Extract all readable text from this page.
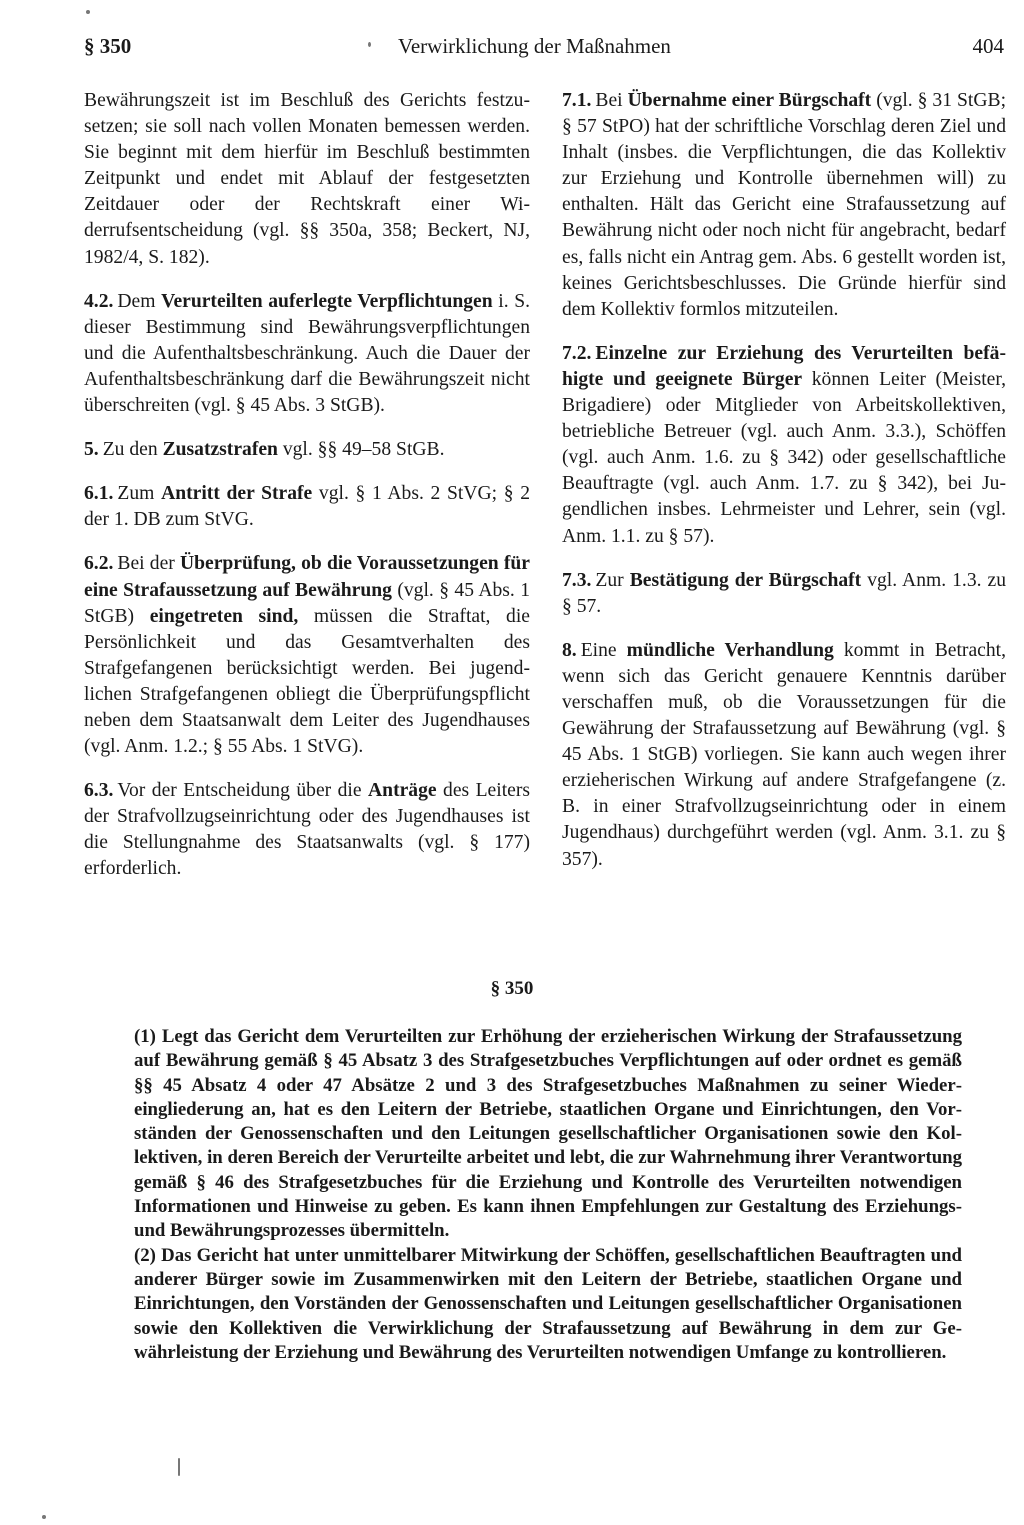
§ 350	Verwirklichung der Maßnahmen	404

Bewährungszeit ist im Beschluß des Gerichts festzusetzen; sie soll nach vollen Monaten bemessen werden. Sie beginnt mit dem hierfür im Beschluß bestimmten Zeitpunkt und endet mit Ablauf der festgesetzten Zeitdauer oder der Rechtskraft einer Widerrufsentscheidung (vgl. §§ 350a, 358; Beckert, NJ, 1982/4, S. 182).

4.2. Dem Verurteilten auferlegte Verpflichtungen i. S. dieser Bestimmung sind Bewährungsverpflichtungen und die Aufenthaltsbeschränkung. Auch die Dauer der Aufenthaltsbeschränkung darf die Bewährungszeit nicht überschreiten (vgl. § 45 Abs. 3 StGB).

5. Zu den Zusatzstrafen vgl. §§ 49–58 StGB.

6.1. Zum Antritt der Strafe vgl. § 1 Abs. 2 StVG; § 2 der 1. DB zum StVG.

6.2. Bei der Überprüfung, ob die Voraussetzungen für eine Strafaussetzung auf Bewährung (vgl. § 45 Abs. 1 StGB) eingetreten sind, müssen die Straftat, die Persönlichkeit und das Gesamtverhalten des Strafgefangenen berücksichtigt werden. Bei jugendlichen Strafgefangenen obliegt die Überprüfungspflicht neben dem Staatsanwalt dem Leiter des Jugendhauses (vgl. Anm. 1.2.; § 55 Abs. 1 StVG).

6.3. Vor der Entscheidung über die Anträge des Leiters der Strafvollzugseinrichtung oder des Jugendhauses ist die Stellungnahme des Staatsanwalts (vgl. § 177) erforderlich.

7.1. Bei Übernahme einer Bürgschaft (vgl. § 31 StGB; § 57 StPO) hat der schriftliche Vorschlag deren Ziel und Inhalt (insbes. die Verpflichtungen, die das Kollektiv zur Erziehung und Kontrolle übernehmen will) zu enthalten. Hält das Gericht eine Strafaussetzung auf Bewährung nicht oder noch nicht für angebracht, bedarf es, falls nicht ein Antrag gem. Abs. 6 gestellt worden ist, keines Gerichtsbeschlusses. Die Gründe hierfür sind dem Kollektiv formlos mitzuteilen.

7.2. Einzelne zur Erziehung des Verurteilten befähigte und geeignete Bürger können Leiter (Meister, Brigadiere) oder Mitglieder von Arbeitskollektiven, betriebliche Betreuer (vgl. auch Anm. 3.3.), Schöffen (vgl. auch Anm. 1.6. zu § 342) oder gesellschaftliche Beauftragte (vgl. auch Anm. 1.7. zu § 342), bei Jugendlichen insbes. Lehrmeister und Lehrer, sein (vgl. Anm. 1.1. zu § 57).

7.3. Zur Bestätigung der Bürgschaft vgl. Anm. 1.3. zu § 57.

8. Eine mündliche Verhandlung kommt in Betracht, wenn sich das Gericht genauere Kenntnis darüber verschaffen muß, ob die Voraussetzungen für die Gewährung der Strafaussetzung auf Bewährung (vgl. § 45 Abs. 1 StGB) vorliegen. Sie kann auch wegen ihrer erzieherischen Wirkung auf andere Strafgefangene (z. B. in einer Strafvollzugseinrichtung oder in einem Jugendhaus) durchgeführt werden (vgl. Anm. 3.1. zu § 357).

§ 350

(1) Legt das Gericht dem Verurteilten zur Erhöhung der erzieherischen Wirkung der Strafaussetzung auf Bewährung gemäß § 45 Absatz 3 des Strafgesetzbuches Verpflichtungen auf oder ordnet es gemäß §§ 45 Absatz 4 oder 47 Absätze 2 und 3 des Strafgesetzbuches Maßnahmen zu seiner Wiedereingliederung an, hat es den Leitern der Betriebe, staatlichen Organe und Einrichtungen, den Vorständen der Genossenschaften und den Leitungen gesellschaftlicher Organisationen sowie den Kollektiven, in deren Bereich der Verurteilte arbeitet und lebt, die zur Wahrnehmung ihrer Verantwortung gemäß § 46 des Strafgesetzbuches für die Erziehung und Kontrolle des Verurteilten notwendigen Informationen und Hinweise zu geben. Es kann ihnen Empfehlungen zur Gestaltung des Erziehungs- und Bewährungsprozesses übermitteln.

(2) Das Gericht hat unter unmittelbarer Mitwirkung der Schöffen, gesellschaftlichen Beauftragten und anderer Bürger sowie im Zusammenwirken mit den Leitern der Betriebe, staatlichen Organe und Einrichtungen, den Vorständen der Genossenschaften und Leitungen gesellschaftlicher Organisationen sowie den Kollektiven die Verwirklichung der Strafaussetzung auf Bewährung in dem zur Gewährleistung der Erziehung und Bewährung des Verurteilten notwendigen Umfange zu kontrollieren.
